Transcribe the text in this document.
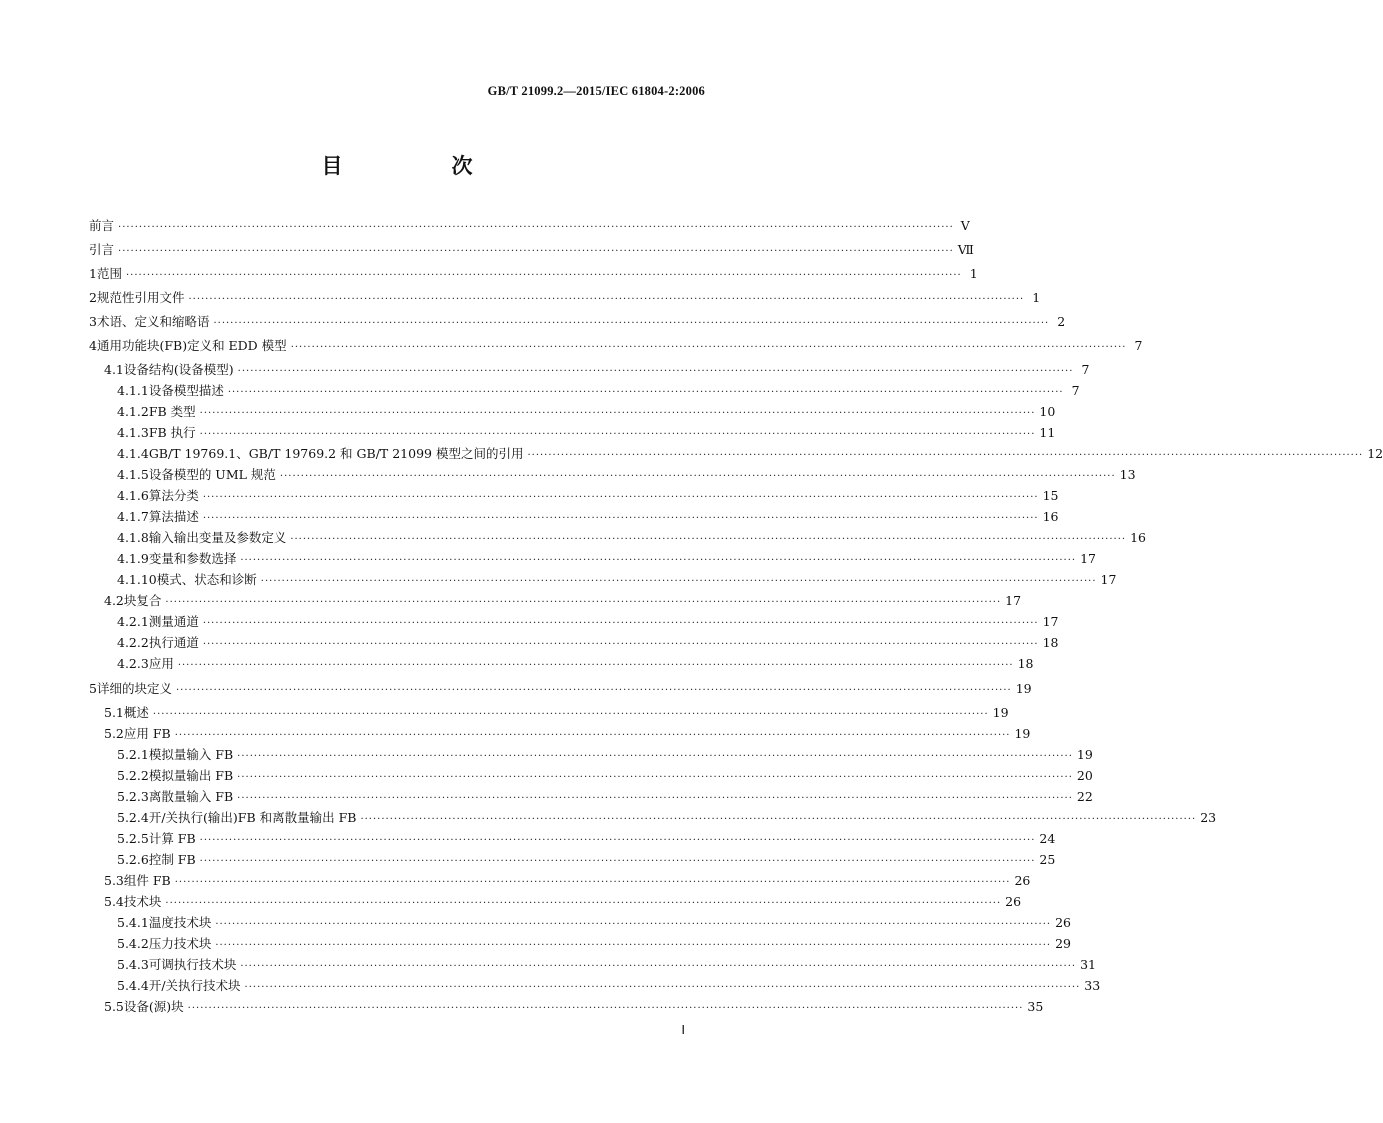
GB/T 21099.2—2015/IEC 61804-2:2006
目　次
前言 ········································································································································································································ Ⅴ
引言 ········································································································································································································ Ⅶ
1 范围 ········································································································································································································ 1
2 规范性引用文件 ········································································································································································································ 1
3 术语、定义和缩略语 ········································································································································································································ 2
4 通用功能块(FB)定义和 EDD 模型 ········································································································································································································ 7
4.1 设备结构(设备模型) ········································································································································································································ 7
4.1.1 设备模型描述 ········································································································································································································ 7
4.1.2 FB 类型 ········································································································································································································ 10
4.1.3 FB 执行 ········································································································································································································ 11
4.1.4 GB/T 19769.1、GB/T 19769.2 和 GB/T 21099 模型之间的引用 ········································································································································································································ 12
4.1.5 设备模型的 UML 规范 ········································································································································································································ 13
4.1.6 算法分类 ········································································································································································································ 15
4.1.7 算法描述 ········································································································································································································ 16
4.1.8 输入输出变量及参数定义 ········································································································································································································ 16
4.1.9 变量和参数选择 ········································································································································································································ 17
4.1.10 模式、状态和诊断 ········································································································································································································ 17
4.2 块复合 ········································································································································································································ 17
4.2.1 测量通道 ········································································································································································································ 17
4.2.2 执行通道 ········································································································································································································ 18
4.2.3 应用 ········································································································································································································ 18
5 详细的块定义 ········································································································································································································ 19
5.1 概述 ········································································································································································································ 19
5.2 应用 FB ········································································································································································································ 19
5.2.1 模拟量输入 FB ········································································································································································································ 19
5.2.2 模拟量输出 FB ········································································································································································································ 20
5.2.3 离散量输入 FB ········································································································································································································ 22
5.2.4 开/关执行(输出)FB 和离散量输出 FB ········································································································································································································ 23
5.2.5 计算 FB ········································································································································································································ 24
5.2.6 控制 FB ········································································································································································································ 25
5.3 组件 FB ········································································································································································································ 26
5.4 技术块 ········································································································································································································ 26
5.4.1 温度技术块 ········································································································································································································ 26
5.4.2 压力技术块 ········································································································································································································ 29
5.4.3 可调执行技术块 ········································································································································································································ 31
5.4.4 开/关执行技术块 ········································································································································································································ 33
5.5 设备(源)块 ········································································································································································································ 35
Ⅰ
